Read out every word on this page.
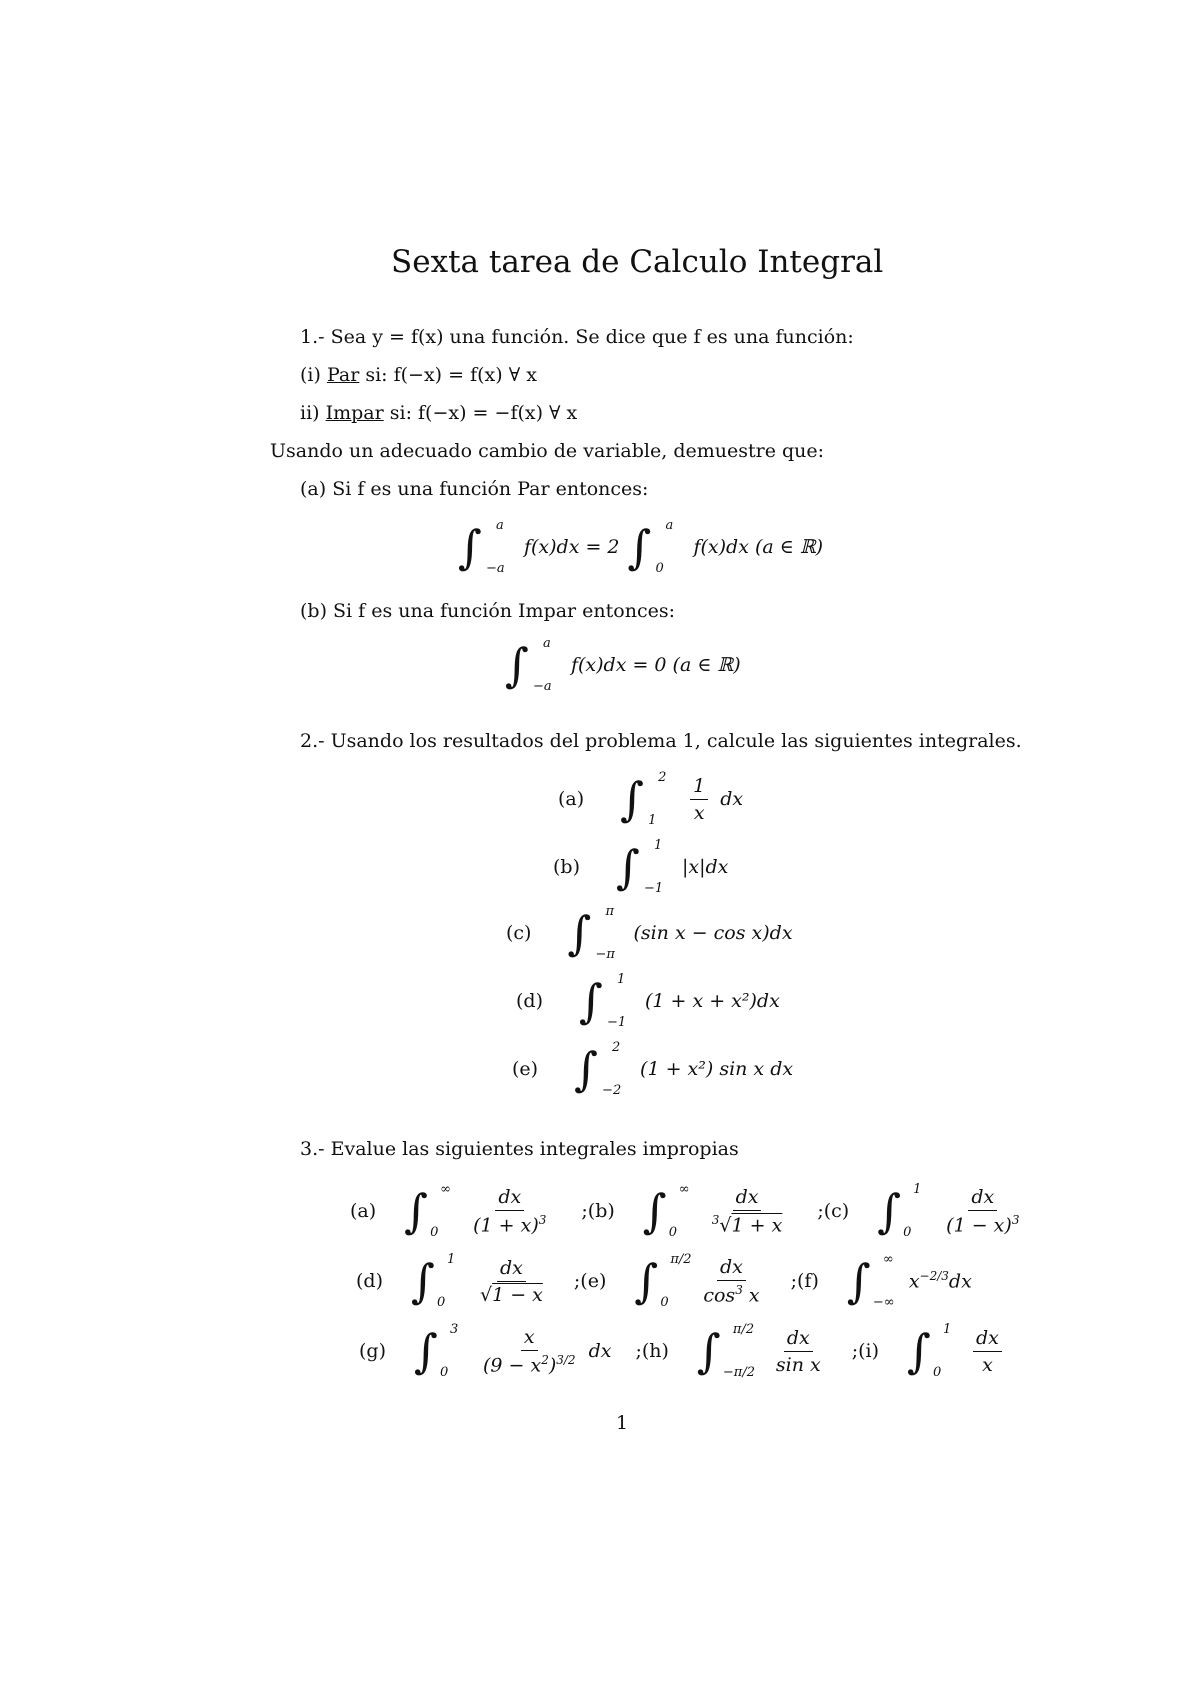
Sexta tarea de Calculo Integral
1.- Sea y = f(x) una función. Se dice que f es una función:
(i) Par si: f(−x) = f(x) ∀ x
ii) Impar si: f(−x) = −f(x) ∀ x
Usando un adecuado cambio de variable, demuestre que:
(a) Si f es una función Par entonces:
∫ a
−a
f(x)dx = 2 ∫ a
0
f(x)dx (a ∈ ℝ)
(b) Si f es una función Impar entonces:
∫ a
−a
f(x)dx = 0 (a ∈ ℝ)
2.- Usando los resultados del problema 1, calcule las siguientes integrales.
(a) ∫ 2
$1 \frac{1}{x}$ dx
(b) ∫ 1
−1
|x|dx
(c) ∫ π
−π
(sin x − cos x)dx
(d) ∫ 1
−1
(1 + x + x²)dx
(e) ∫ 2
−2
(1 + x²) sin x dx
3.- Evalue las siguientes integrales impropias
(a) ∫ ∞
$0 \frac{dx}{(1 + x)^3}$ ;(b) ∫ ∞
$0 \frac{dx}{^3√1 + x}$ ;(c) ∫ 1
$0 \frac{dx}{(1 - x)^3}$
(d) ∫ 1
$0 \frac{dx}{√1 - x}$ ;(e) ∫ π/2
$0 \frac{dx}{\cos^3 x}$ ;(f) ∫ ∞
−∞
$x^{-2/3}dx$
(g) ∫ 3
$0 \frac{x}{(9 - x^2)^{3/2}}$ dx ;(h) ∫ π/2
$-\pi/2 \frac{dx}{\text{sin x}}$ ;(i) ∫ 1
$0 \frac{dx}{x}$
1
